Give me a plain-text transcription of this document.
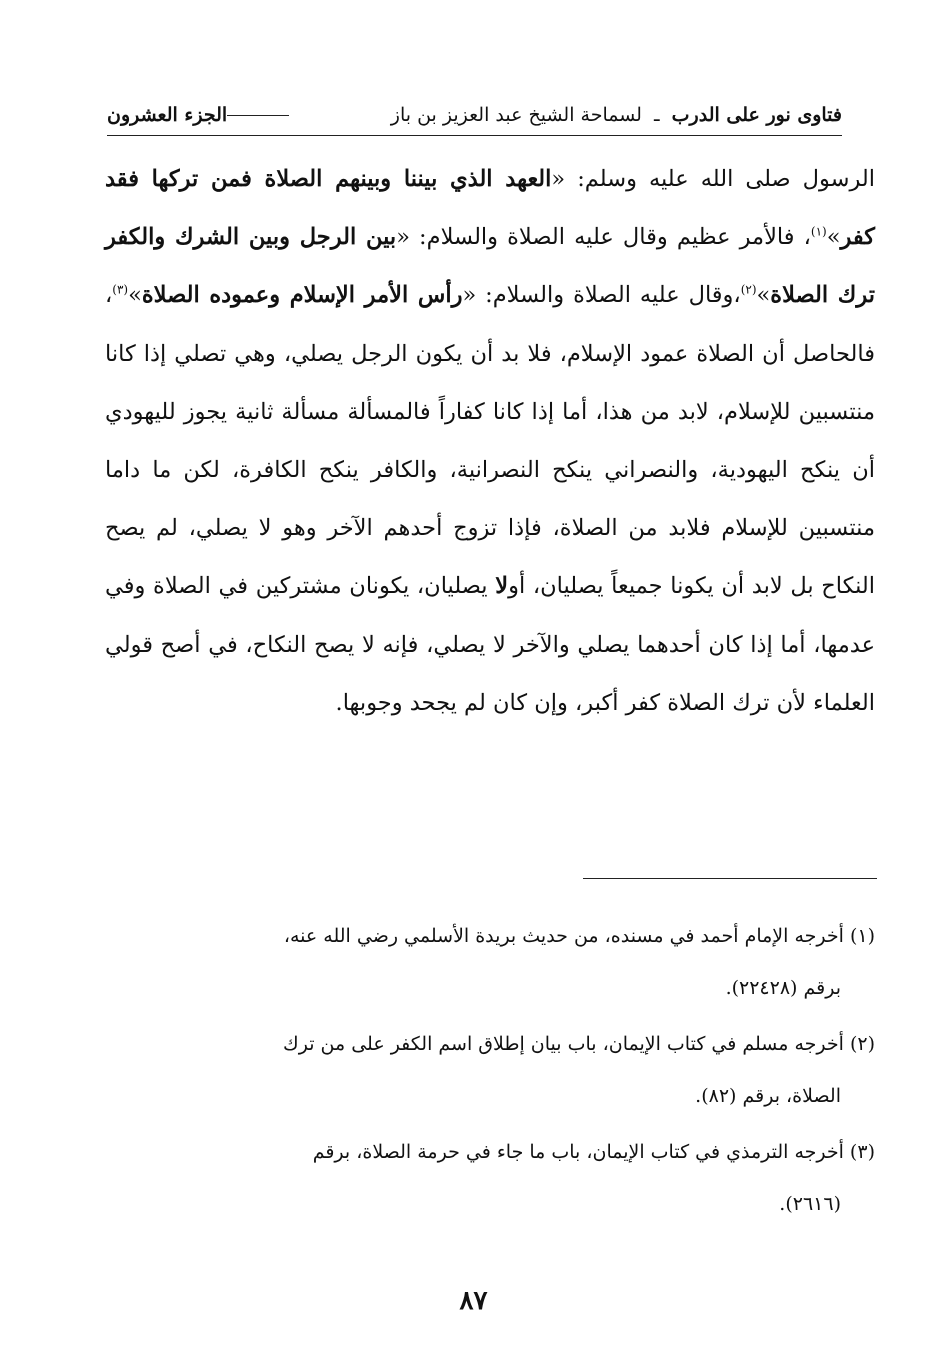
فتاوى نور على الدرب ـ لسماحة الشيخ عبد العزيز بن باز
الجزء العشرون
الرسول صلى الله عليه وسلم: «العهد الذي بيننا وبينهم الصلاة فمن تركها فقد كفر»$^{(١)}$، فالأمر عظيم وقال عليه الصلاة والسلام: «بين الرجل وبين الشرك والكفر ترك الصلاة»$^{(٢)}$،وقال عليه الصلاة والسلام: «رأس الأمر الإسلام وعموده الصلاة»$^{(٣)}$، فالحاصل أن الصلاة عمود الإسلام، فلا بد أن يكون الرجل يصلي، وهي تصلي إذا كانا منتسبين للإسلام، لابد من هذا، أما إذا كانا كفاراً فالمسألة مسألة ثانية يجوز لليهودي أن ينكح اليهودية، والنصراني ينكح النصرانية، والكافر ينكح الكافرة، لكن ما داما منتسبين للإسلام فلابد من الصلاة، فإذا تزوج أحدهم الآخر وهو لا يصلي، لم يصح النكاح بل لابد أن يكونا جميعاً يصليان، أولا يصليان، يكونان مشتركين في الصلاة وفي عدمها، أما إذا كان أحدهما يصلي والآخر لا يصلي، فإنه لا يصح النكاح، في أصح قولي العلماء لأن ترك الصلاة كفر أكبر، وإن كان لم يجحد وجوبها.
(١) أخرجه الإمام أحمد في مسنده، من حديث بريدة الأسلمي رضي الله عنه،
برقم (٢٢٤٢٨).
(٢) أخرجه مسلم في كتاب الإيمان، باب بيان إطلاق اسم الكفر على من ترك
الصلاة، برقم (٨٢).
(٣) أخرجه الترمذي في كتاب الإيمان، باب ما جاء في حرمة الصلاة، برقم
(٢٦١٦).
٨٧
